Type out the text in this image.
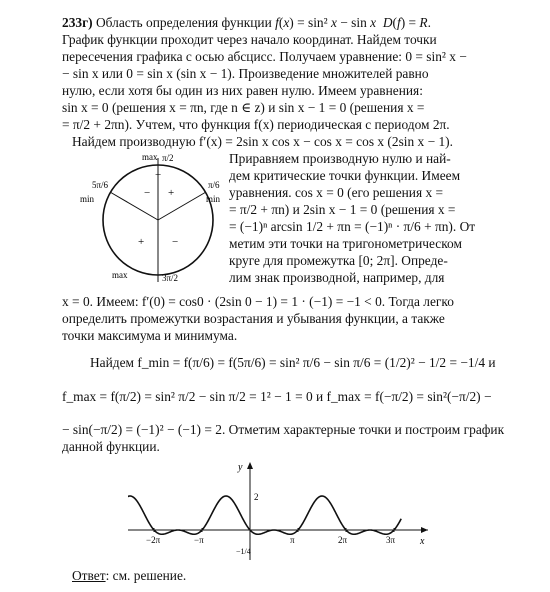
233г) Область определения функции f(x) = sin² x − sin x D(f) = R.
График функции проходит через начало координат. Найдем точки
пересечения графика с осью абсцисс. Получаем уравнение: 0 = sin² x −
− sin x или 0 = sin x (sin x − 1). Произведение множителей равно
нулю, если хотя бы один из них равен нулю. Имеем уравнения:
sin x = 0 (решения x = πn, где n ∈ z) и sin x − 1 = 0 (решения x =
= π/2 + 2πn). Учтем, что функция f(x) периодическая с периодом 2π.
Найдем производную f′(x) = 2sin x cos x − cos x = cos x (2sin x − 1).
max π/2
π/6
min
5π/6
min
3π/2
max
+
−
+	−
−
Приравняем производную нулю и най-
дем критические точки функции. Имеем
уравнения. cos x = 0 (его решения x =
= π/2 + πn) и 2sin x − 1 = 0 (решения x =
= (−1)ⁿ arcsin 1/2 + πn = (−1)ⁿ · π/6 + πn). От
метим эти точки на тригонометрическом
круге для промежутка [0; 2π]. Опреде-
лим знак производной, например, для
x = 0. Имеем: f′(0) = cos0 · (2sin 0 − 1) = 1 · (−1) = −1 < 0. Тогда легко
определить промежутки возрастания и убывания функции, а также
точки максимума и минимума.
Найдем f_min = f(π/6) = f(5π/6) = sin² π/6 − sin π/6 = (1/2)² − 1/2 = −1/4 и
f_max = f(π/2) = sin² π/2 − sin π/2 = 1² − 1 = 0 и f_max = f(−π/2) = sin²(−π/2) −
− sin(−π/2) = (−1)² − (−1) = 2. Отметим характерные точки и построим график данной функции.
y
x
2
−1/4
−2π	−π	π	2π	3π
Ответ: см. решение.
